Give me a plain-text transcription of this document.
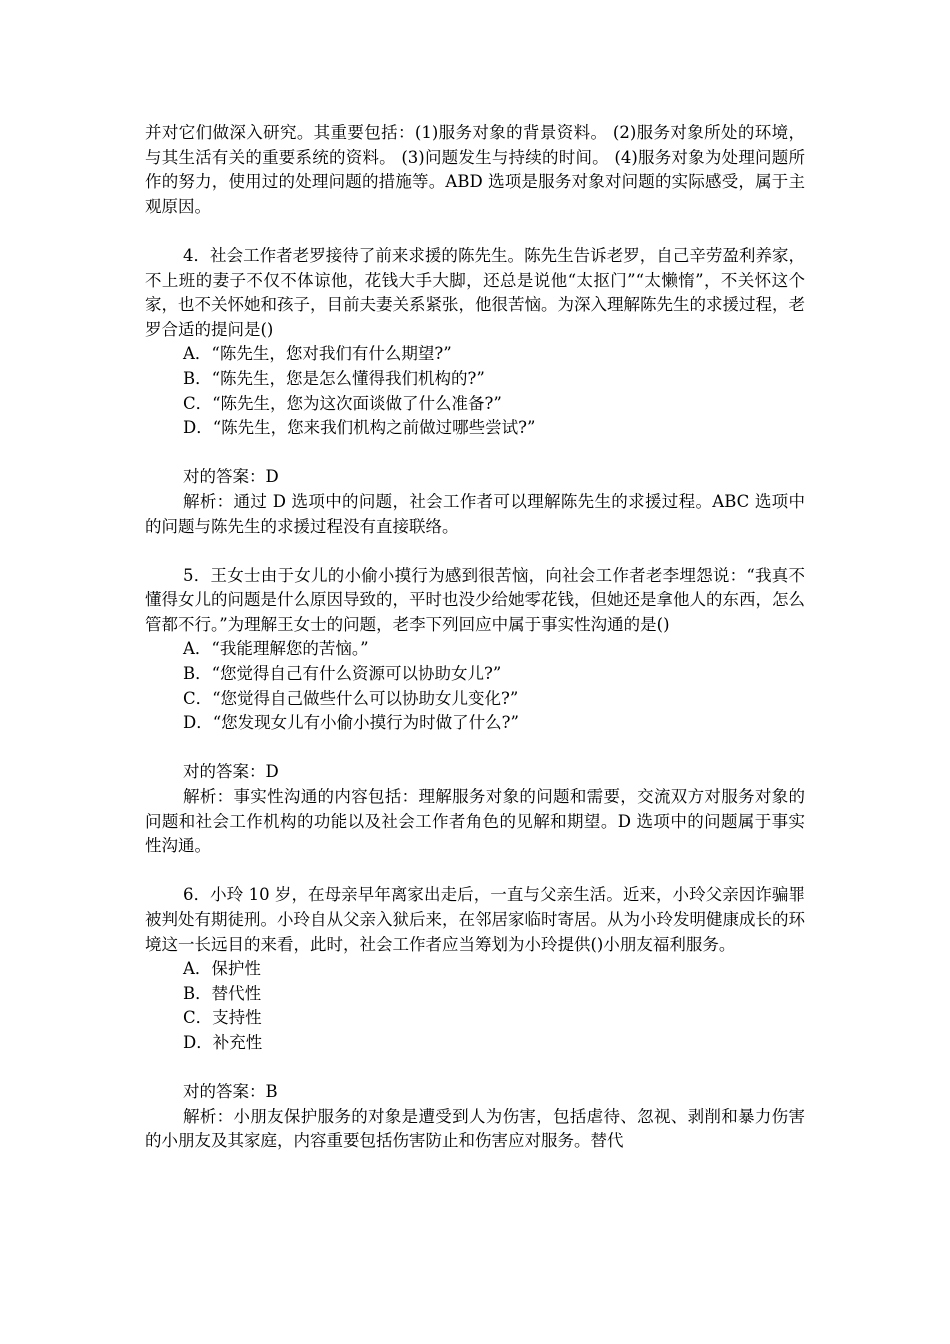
并对它们做深入研究。其重要包括：(1)服务对象的背景资料。 (2)服务对象所处的环境，与其生活有关的重要系统的资料。 (3)问题发生与持续的时间。 (4)服务对象为处理问题所作的努力，使用过的处理问题的措施等。ABD 选项是服务对象对问题的实际感受，属于主观原因。

4．社会工作者老罗接待了前来求援的陈先生。陈先生告诉老罗，自己辛劳盈利养家，不上班的妻子不仅不体谅他，花钱大手大脚，还总是说他“太抠门”“太懒惰”，不关怀这个家，也不关怀她和孩子，目前夫妻关系紧张，他很苦恼。为深入理解陈先生的求援过程，老罗合适的提问是()

A．“陈先生，您对我们有什么期望?”

B．“陈先生，您是怎么懂得我们机构的?”

C．“陈先生，您为这次面谈做了什么准备?”

D．“陈先生，您来我们机构之前做过哪些尝试?”

对的答案：D

解析：通过 D 选项中的问题，社会工作者可以理解陈先生的求援过程。ABC 选项中的问题与陈先生的求援过程没有直接联络。

5．王女士由于女儿的小偷小摸行为感到很苦恼，向社会工作者老李埋怨说：“我真不懂得女儿的问题是什么原因导致的，平时也没少给她零花钱，但她还是拿他人的东西，怎么管都不行。”为理解王女士的问题，老李下列回应中属于事实性沟通的是()

A．“我能理解您的苦恼。”

B．“您觉得自己有什么资源可以协助女儿?”

C．“您觉得自己做些什么可以协助女儿变化?”

D．“您发现女儿有小偷小摸行为时做了什么?”

对的答案：D

解析：事实性沟通的内容包括：理解服务对象的问题和需要，交流双方对服务对象的问题和社会工作机构的功能以及社会工作者角色的见解和期望。D 选项中的问题属于事实性沟通。

6．小玲 10 岁，在母亲早年离家出走后，一直与父亲生活。近来，小玲父亲因诈骗罪被判处有期徒刑。小玲自从父亲入狱后来，在邻居家临时寄居。从为小玲发明健康成长的环境这一长远目的来看，此时，社会工作者应当筹划为小玲提供()小朋友福利服务。

A．保护性

B．替代性

C．支持性

D．补充性

对的答案：B

解析：小朋友保护服务的对象是遭受到人为伤害，包括虐待、忽视、剥削和暴力伤害的小朋友及其家庭，内容重要包括伤害防止和伤害应对服务。替代
